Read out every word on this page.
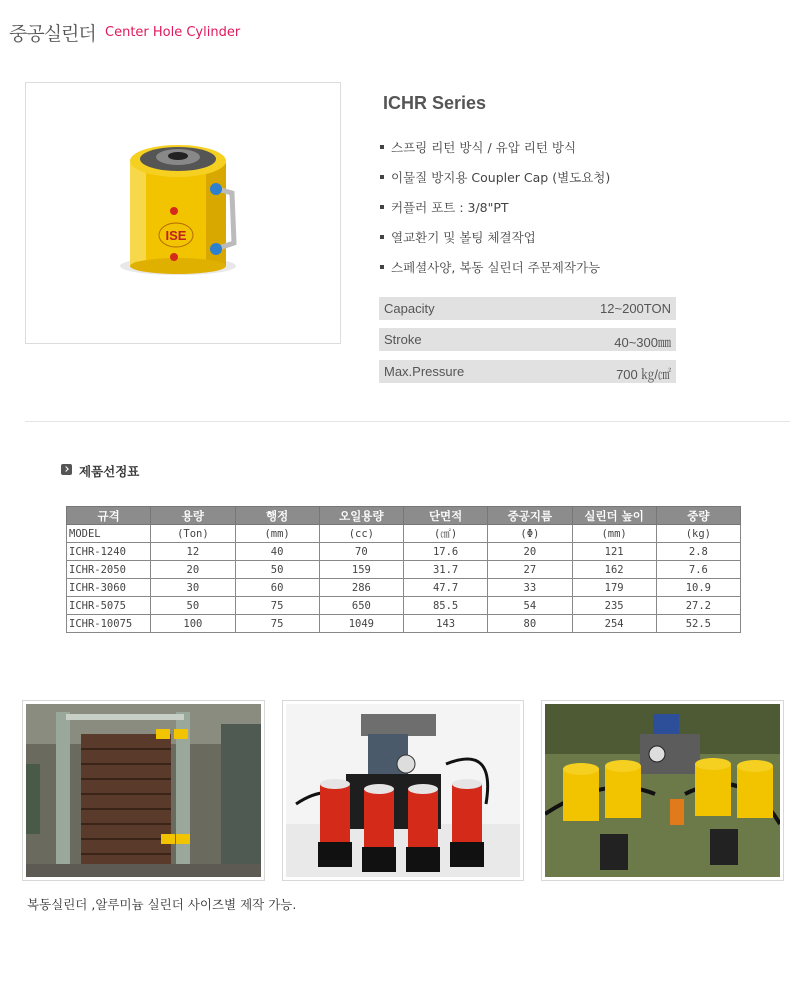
중공실린더 Center Hole Cylinder
ISE
ICHR Series
스프링 리턴 방식 / 유압 리턴 방식
이물질 방지용 Coupler Cap (별도요청)
커플러 포트 : 3/8"PT
열교환기 및 볼팅 체결작업
스페셜사양, 복동 실린더 주문제작가능
Capacity	12~200TON
Stroke	40~300㎜
Max.Pressure	700 ㎏/㎠
제품선정표
규격	용량	행정	오일용량	단면적	중공지름	실린더 높이	중량
MODEL	(Ton)	(mm)	(cc)	(㎠)	(Φ)	(mm)	(kg)
ICHR-1240	12	40	70	17.6	20	121	2.8
ICHR-2050	20	50	159	31.7	27	162	7.6
ICHR-3060	30	60	286	47.7	33	179	10.9
ICHR-5075	50	75	650	85.5	54	235	27.2
ICHR-10075	100	75	1049	143	80	254	52.5
복동실린더 ,알루미늄 실린더 사이즈별 제작 가능.
